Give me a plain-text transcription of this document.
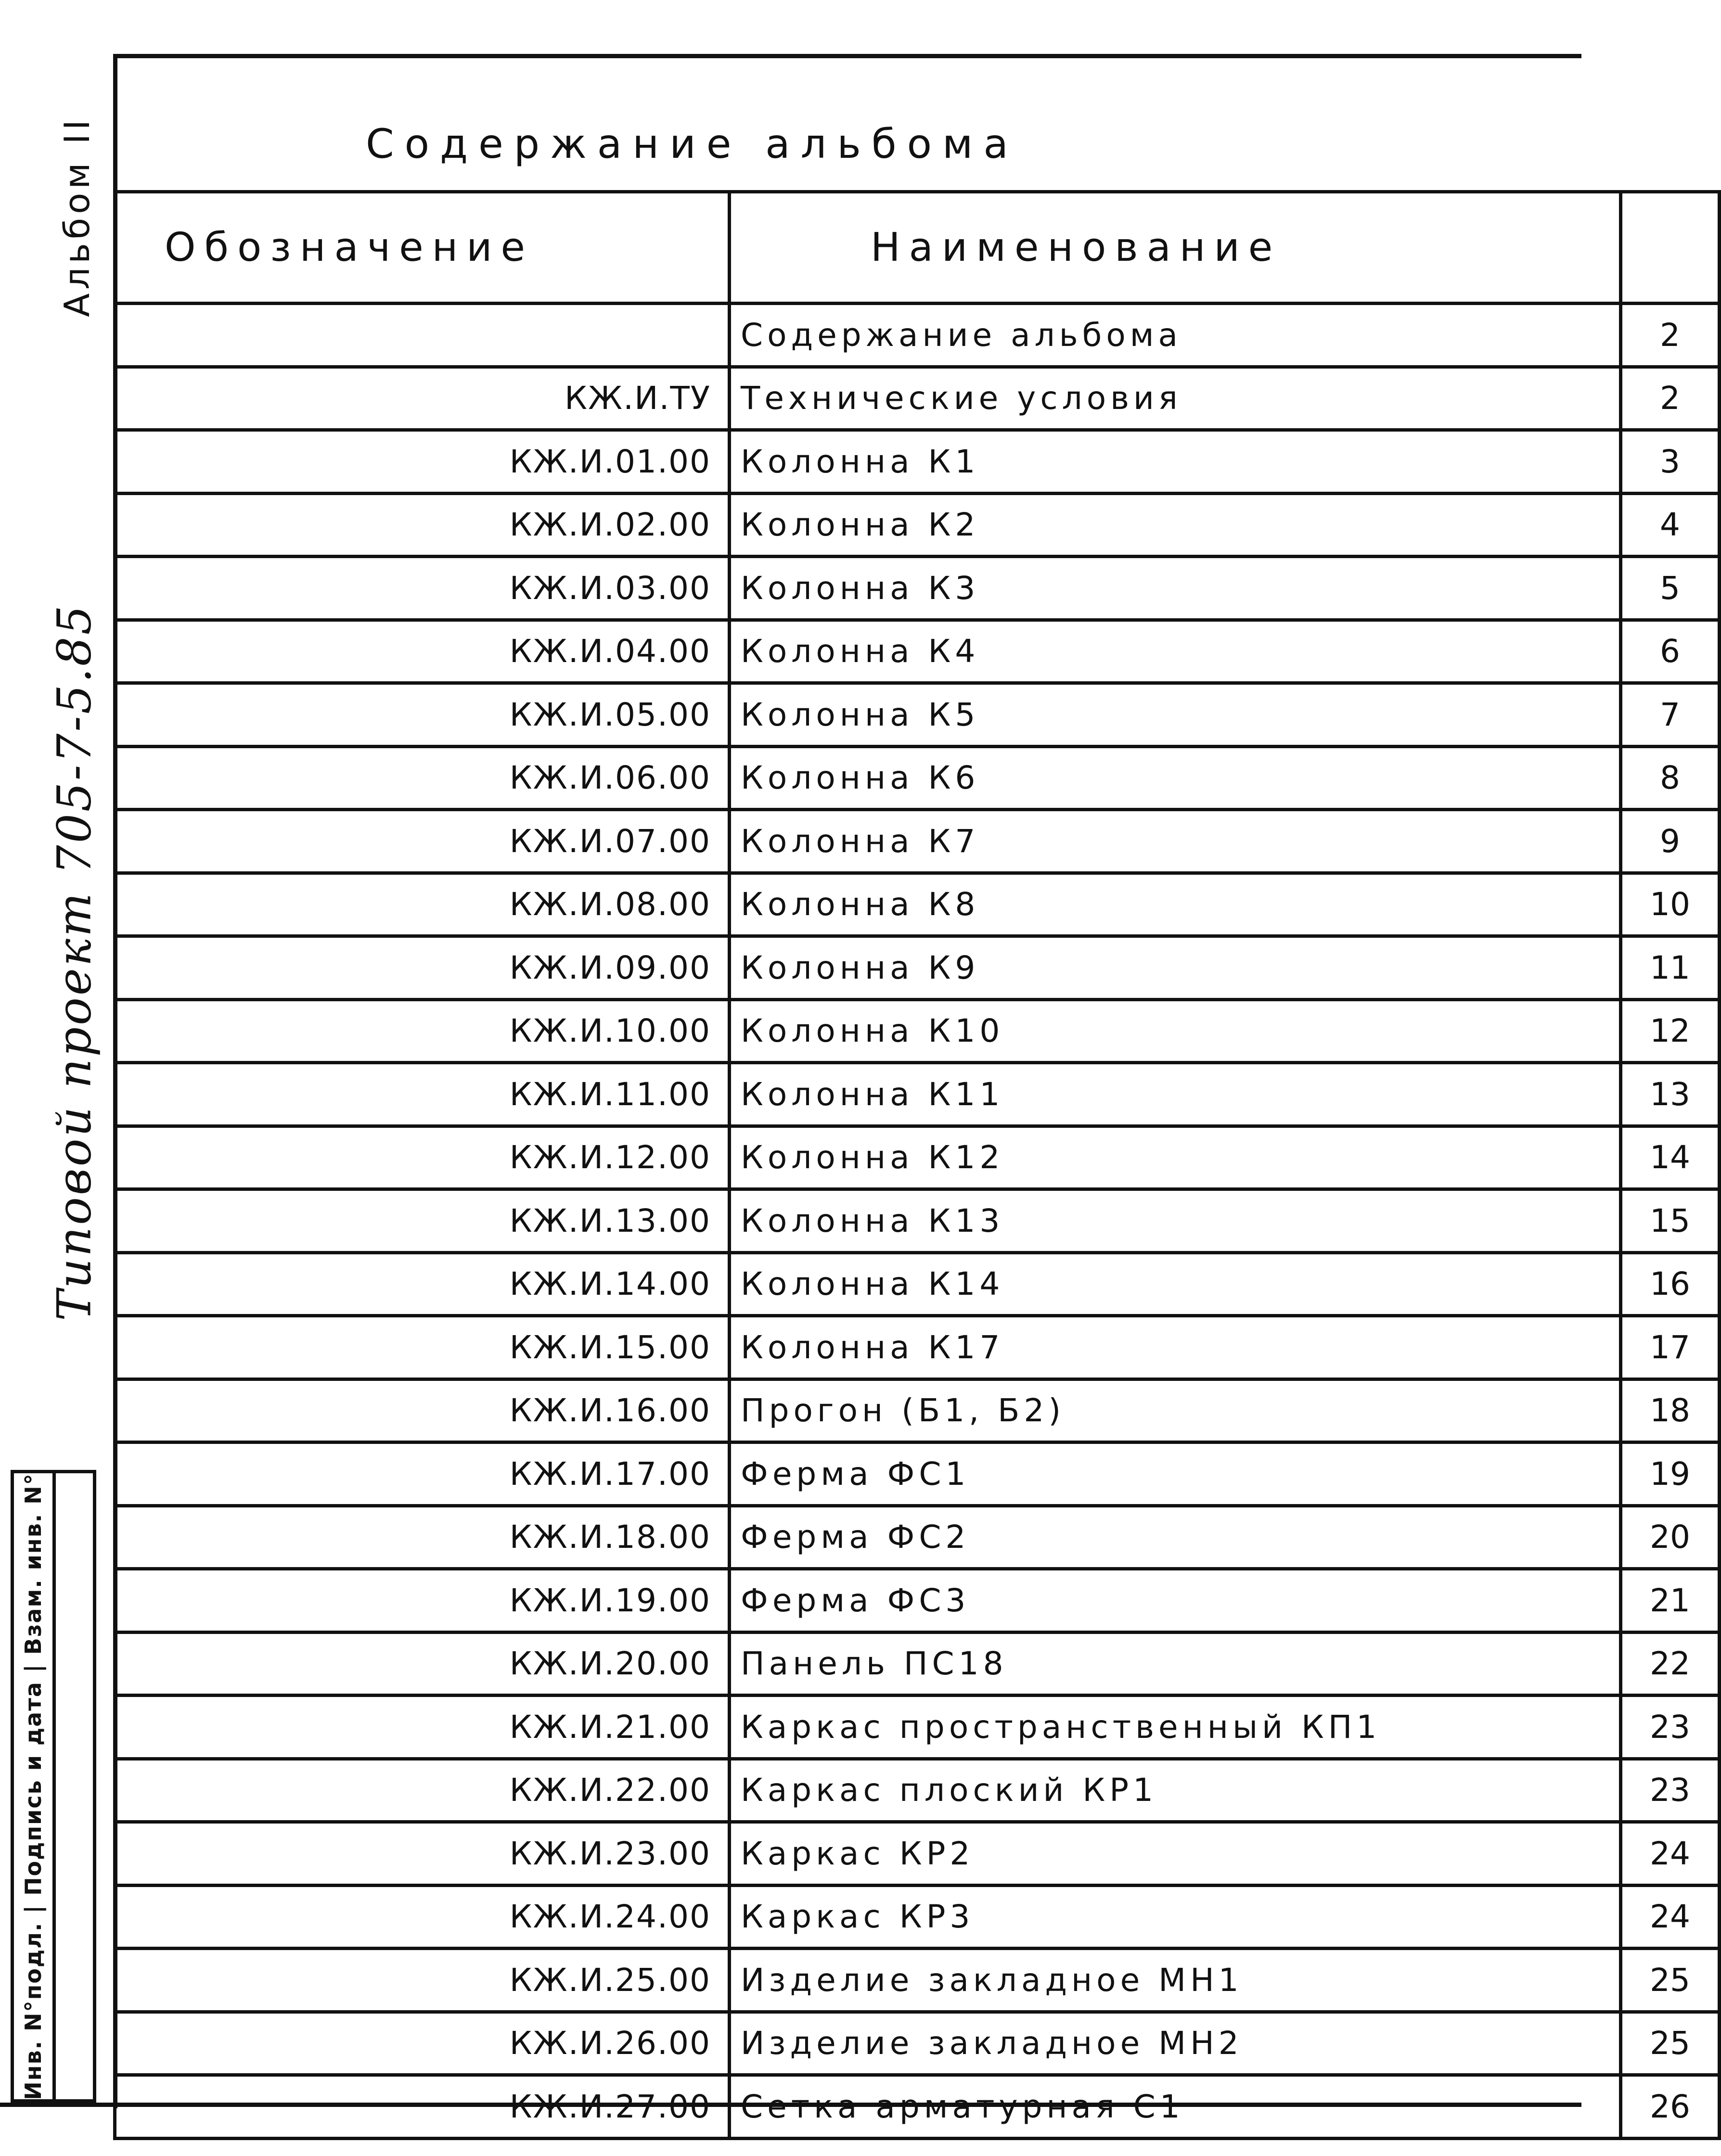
Альбом II
Типовой проект 705-7-5.85
Инв. N°подл. | Подпись и дата | Взам. инв. N°
Содержание альбома
Обозначение	Наименование	
	Содержание альбома	2
КЖ.И.ТУ	Технические условия	2
КЖ.И.01.00	Колонна К1	3
КЖ.И.02.00	Колонна К2	4
КЖ.И.03.00	Колонна К3	5
КЖ.И.04.00	Колонна К4	6
КЖ.И.05.00	Колонна К5	7
КЖ.И.06.00	Колонна К6	8
КЖ.И.07.00	Колонна К7	9
КЖ.И.08.00	Колонна К8	10
КЖ.И.09.00	Колонна К9	11
КЖ.И.10.00	Колонна К10	12
КЖ.И.11.00	Колонна К11	13
КЖ.И.12.00	Колонна К12	14
КЖ.И.13.00	Колонна К13	15
КЖ.И.14.00	Колонна К14	16
КЖ.И.15.00	Колонна К17	17
КЖ.И.16.00	Прогон (Б1, Б2)	18
КЖ.И.17.00	Ферма ФС1	19
КЖ.И.18.00	Ферма ФС2	20
КЖ.И.19.00	Ферма ФС3	21
КЖ.И.20.00	Панель ПС18	22
КЖ.И.21.00	Каркас пространственный КП1	23
КЖ.И.22.00	Каркас плоский КР1	23
КЖ.И.23.00	Каркас КР2	24
КЖ.И.24.00	Каркас КР3	24
КЖ.И.25.00	Изделие закладное МН1	25
КЖ.И.26.00	Изделие закладное МН2	25
КЖ.И.27.00	Сетка арматурная С1	26
